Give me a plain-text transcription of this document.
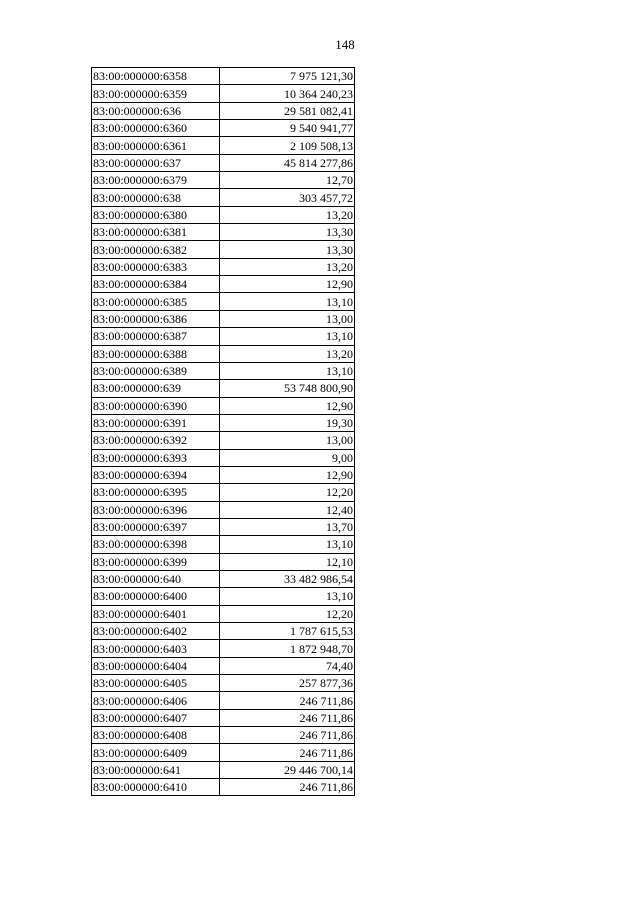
148
83:00:000000:6358	7 975 121,30
83:00:000000:6359	10 364 240,23
83:00:000000:636	29 581 082,41
83:00:000000:6360	9 540 941,77
83:00:000000:6361	2 109 508,13
83:00:000000:637	45 814 277,86
83:00:000000:6379	12,70
83:00:000000:638	303 457,72
83:00:000000:6380	13,20
83:00:000000:6381	13,30
83:00:000000:6382	13,30
83:00:000000:6383	13,20
83:00:000000:6384	12,90
83:00:000000:6385	13,10
83:00:000000:6386	13,00
83:00:000000:6387	13,10
83:00:000000:6388	13,20
83:00:000000:6389	13,10
83:00:000000:639	53 748 800,90
83:00:000000:6390	12,90
83:00:000000:6391	19,30
83:00:000000:6392	13,00
83:00:000000:6393	9,00
83:00:000000:6394	12,90
83:00:000000:6395	12,20
83:00:000000:6396	12,40
83:00:000000:6397	13,70
83:00:000000:6398	13,10
83:00:000000:6399	12,10
83:00:000000:640	33 482 986,54
83:00:000000:6400	13,10
83:00:000000:6401	12,20
83:00:000000:6402	1 787 615,53
83:00:000000:6403	1 872 948,70
83:00:000000:6404	74,40
83:00:000000:6405	257 877,36
83:00:000000:6406	246 711,86
83:00:000000:6407	246 711,86
83:00:000000:6408	246 711,86
83:00:000000:6409	246 711,86
83:00:000000:641	29 446 700,14
83:00:000000:6410	246 711,86
